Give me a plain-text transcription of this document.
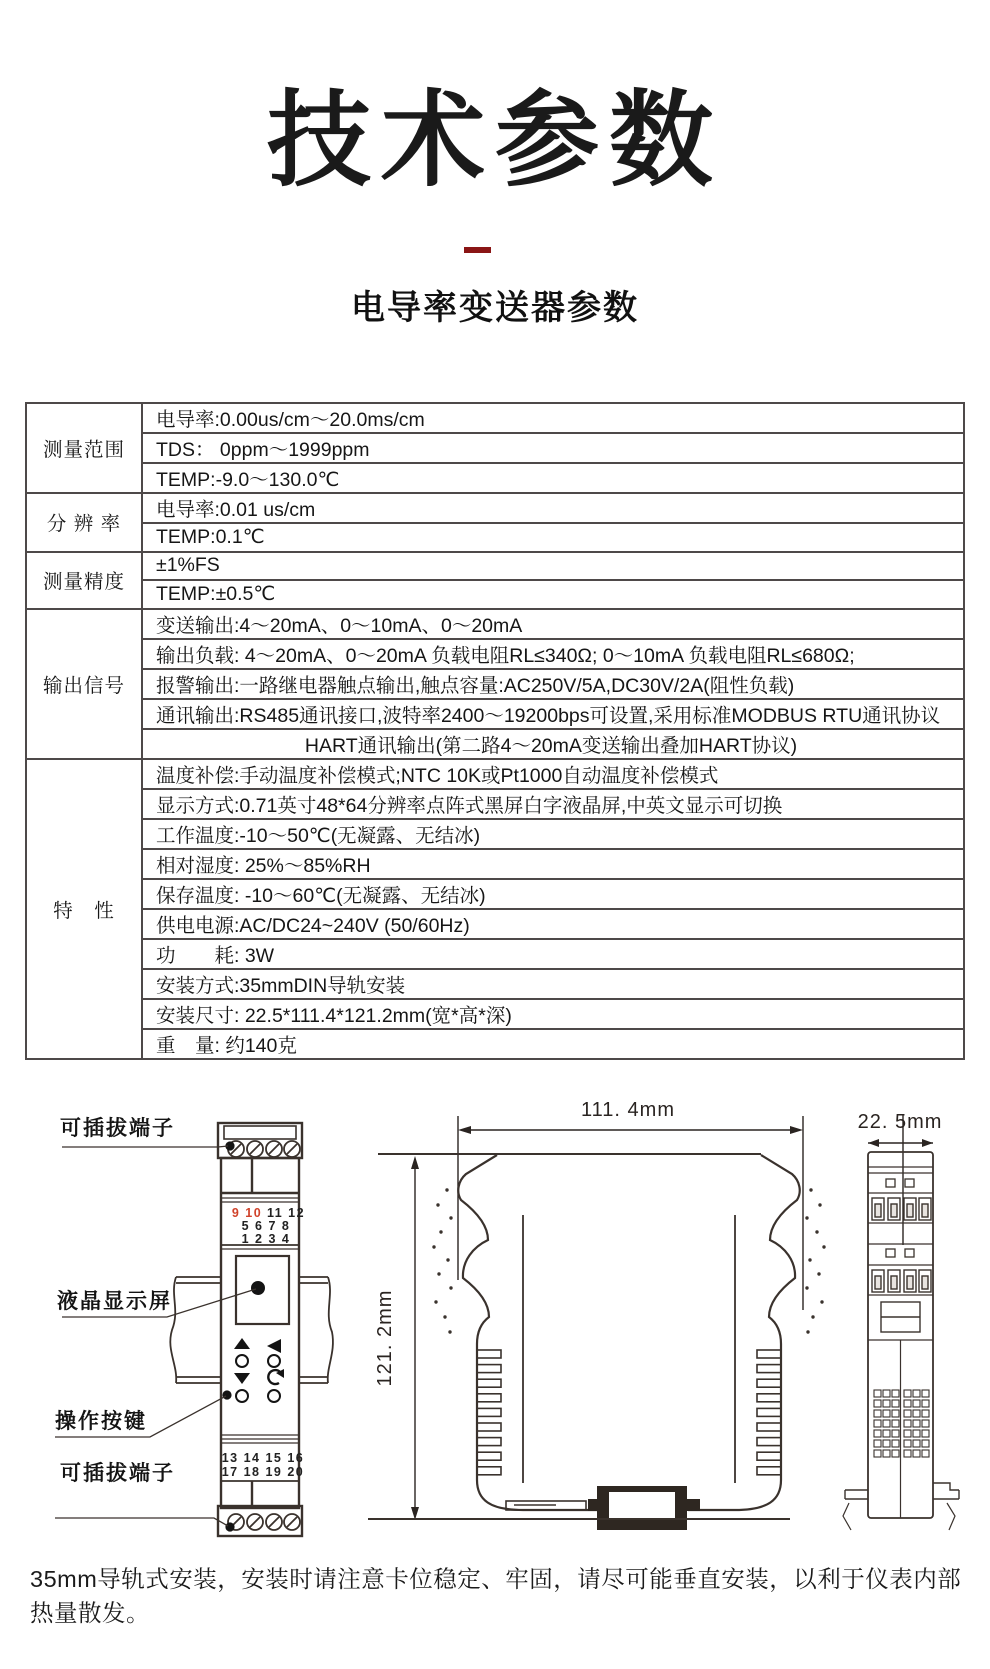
技术参数
电导率变送器参数
测量范围	电导率:0.00us/cm～20.0ms/cm
	TDS： 0ppm～1999ppm
	TEMP:-9.0～130.0℃
分 辨 率	电导率:0.01 us/cm
	TEMP:0.1℃
测量精度	±1%FS
	TEMP:±0.5℃
输出信号	变送输出:4～20mA、0～10mA、0～20mA
	输出负载: 4～20mA、0～20mA 负载电阻RL≤340Ω; 0～10mA 负载电阻RL≤680Ω;
	报警输出:一路继电器触点输出,触点容量:AC250V/5A,DC30V/2A(阻性负载)
	通讯输出:RS485通讯接口,波特率2400～19200bps可设置,采用标准MODBUS RTU通讯协议
	HART通讯输出(第二路4～20mA变送输出叠加HART协议)
特　性	温度补偿:手动温度补偿模式;NTC 10K或Pt1000自动温度补偿模式
	显示方式:0.71英寸48*64分辨率点阵式黑屏白字液晶屏,中英文显示可切换
	工作温度:-10～50℃(无凝露、无结冰)
	相对湿度: 25%～85%RH
	保存温度: -10～60℃(无凝露、无结冰)
	供电电源:AC/DC24~240V (50/60Hz)
	功　　耗: 3W
	安装方式:35mmDIN导轨安装
	安装尺寸: 22.5*111.4*121.2mm(宽*高*深)
	重　量: 约140克
9 10 11 12
5 6 7 8
1 2 3 4
13 14 15 16
17 18 19 20
可插拔端子
液晶显示屏
操作按键
可插拔端子
111. 4mm
121. 2mm
22. 5mm
35mm导轨式安装，安装时请注意卡位稳定、牢固，请尽可能垂直安装，以利于仪表内部热量散发。
